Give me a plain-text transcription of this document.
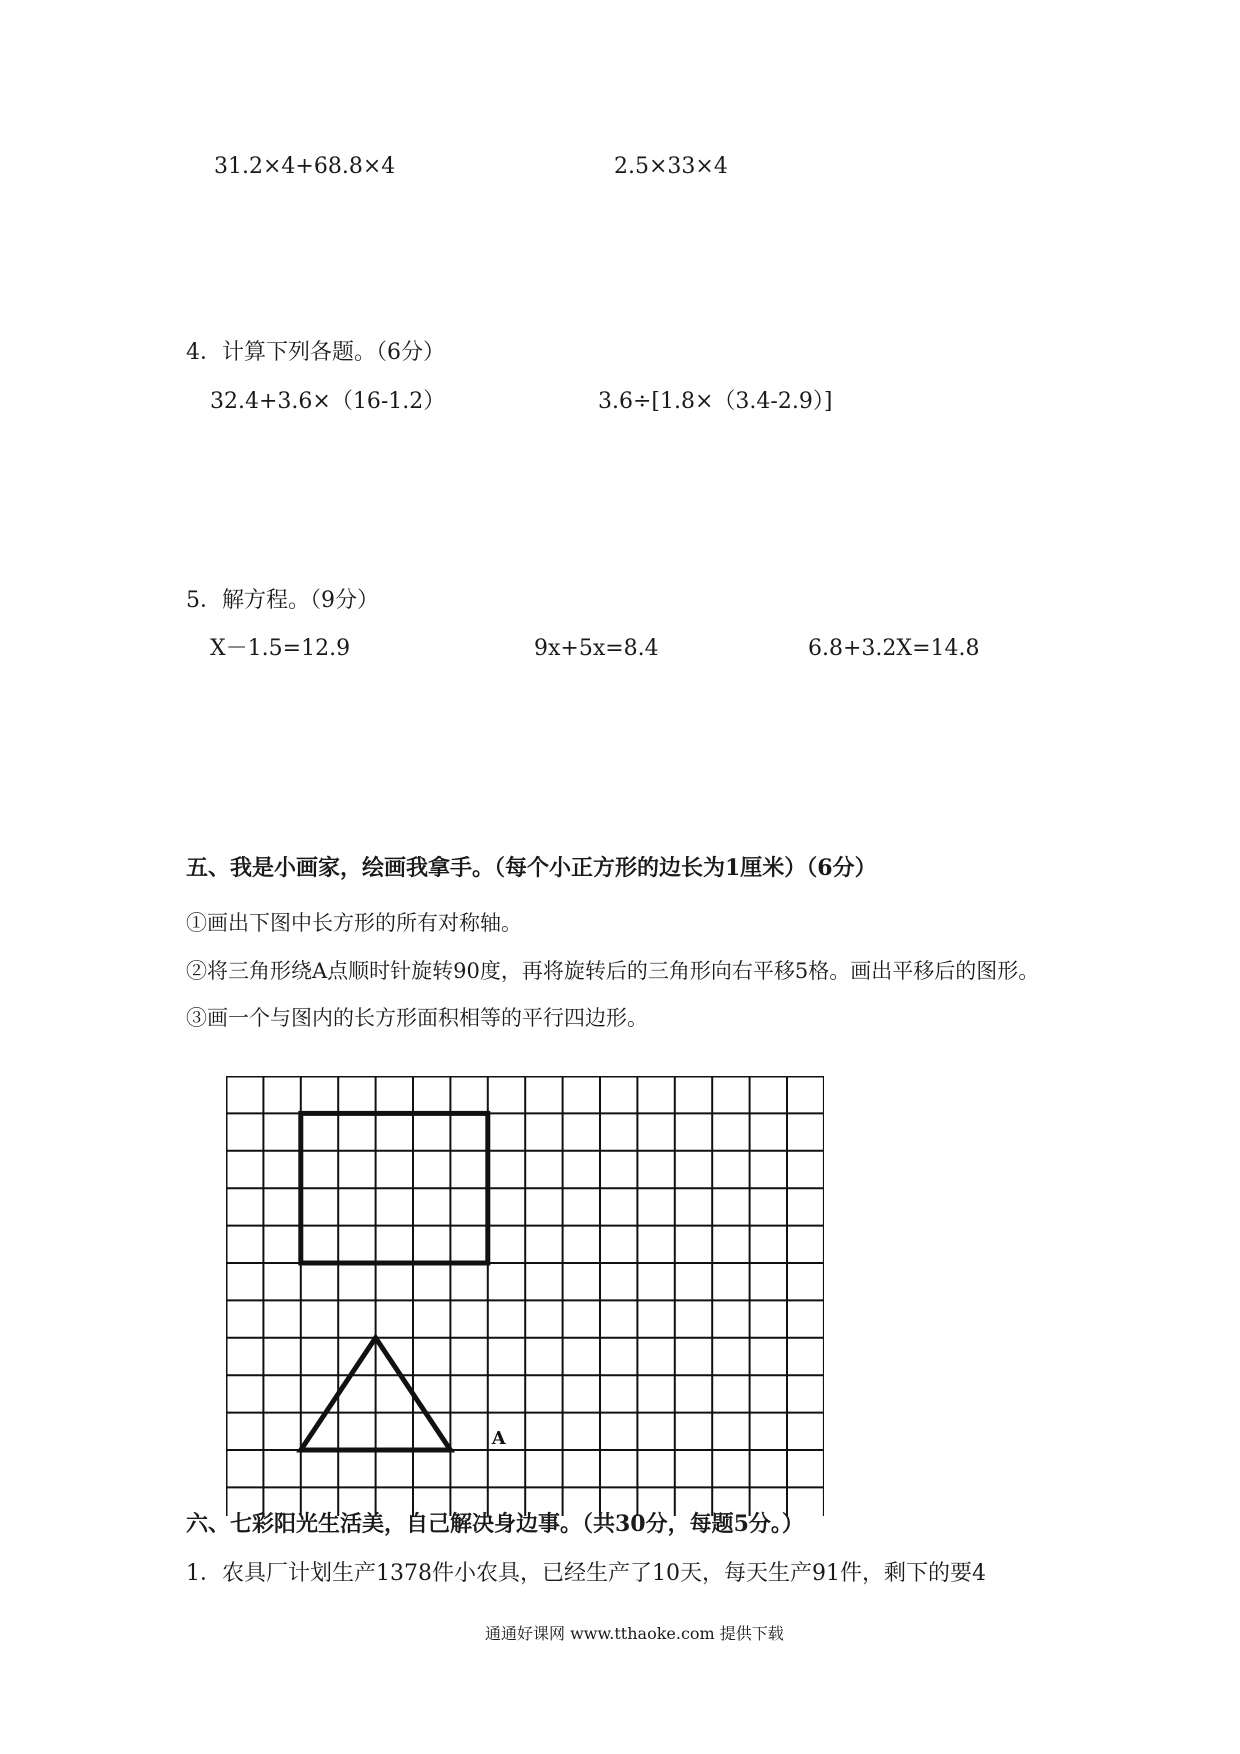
31.2×4+68.8×4	2.5×33×4
4．计算下列各题。（6分）
32.4+3.6×（16-1.2）	3.6÷[1.8×（3.4-2.9）]
5．解方程。（9分）
X－1.5=12.9	9x+5x=8.4	6.8+3.2X=14.8
五、我是小画家，绘画我拿手。（每个小正方形的边长为1厘米）（6分）
①画出下图中长方形的所有对称轴。
②将三角形绕A点顺时针旋转90度，再将旋转后的三角形向右平移5格。画出平移后的图形。
③画一个与图内的长方形面积相等的平行四边形。
A
六、七彩阳光生活美，自己解决身边事。（共30分，每题5分。）
1．农具厂计划生产1378件小农具，已经生产了10天，每天生产91件，剩下的要4
通通好课网 www.tthaoke.com 提供下载
